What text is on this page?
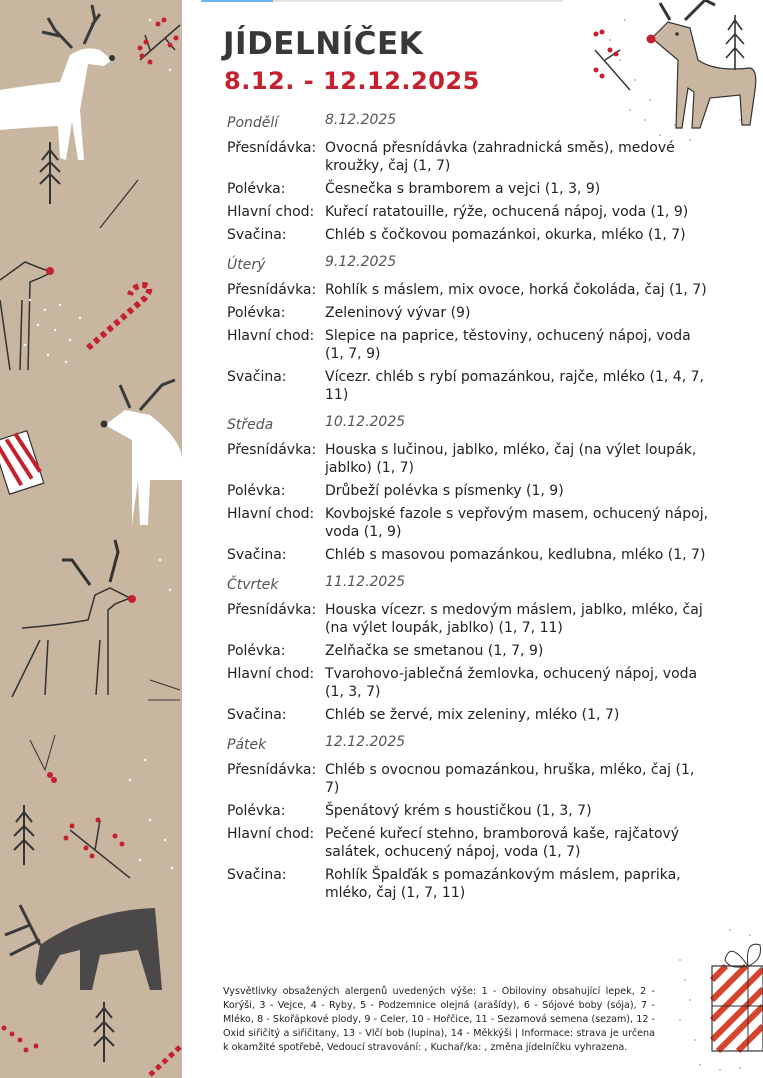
JÍDELNÍČEK

8.12. - 12.12.2025

Pondělí	8.12.2025
Přesnídávka: Ovocná přesnídávka (zahradnická směs), medové kroužky, čaj (1, 7)
Polévka:	Česnečka s bramborem a vejci (1, 3, 9)
Hlavní chod: Kuřecí ratatouille, rýže, ochucená nápoj, voda (1, 9)
Svačina:	Chléb s čočkovou pomazánkoi, okurka, mléko (1, 7)
Úterý	9.12.2025
Přesnídávka: Rohlík s máslem, mix ovoce, horká čokoláda, čaj (1, 7)
Polévka:	Zeleninový vývar (9)
Hlavní chod: Slepice na paprice, těstoviny, ochucený nápoj, voda (1, 7, 9)
Svačina:	Vícezr. chléb s rybí pomazánkou, rajče, mléko (1, 4, 7, 11)
Středa	10.12.2025
Přesnídávka: Houska s lučinou, jablko, mléko, čaj (na výlet loupák, jablko) (1, 7)
Polévka:	Drůbeží polévka s písmenky (1, 9)
Hlavní chod: Kovbojské fazole s vepřovým masem, ochucený nápoj, voda (1, 9)
Svačina:	Chléb s masovou pomazánkou, kedlubna, mléko (1, 7)
Čtvrtek	11.12.2025
Přesnídávka: Houska vícezr. s medovým máslem, jablko, mléko, čaj (na výlet loupák, jablko) (1, 7, 11)
Polévka:	Zelňačka se smetanou (1, 7, 9)
Hlavní chod: Tvarohovo-jablečná žemlovka, ochucený nápoj, voda (1, 3, 7)
Svačina:	Chléb se žervé, mix zeleniny, mléko (1, 7)
Pátek	12.12.2025
Přesnídávka: Chléb s ovocnou pomazánkou, hruška, mléko, čaj (1, 7)
Polévka:	Špenátový krém s houstičkou (1, 3, 7)
Hlavní chod: Pečené kuřecí stehno, bramborová kaše, rajčatový salátek, ochucený nápoj, voda (1, 7)
Svačina:	Rohlík Špalďák s pomazánkovým máslem, paprika, mléko, čaj (1, 7, 11)
Vysvětlivky obsažených alergenů uvedených výše: 1 - Obiloviny obsahující lepek, 2 - Korýši, 3 - Vejce, 4 - Ryby, 5 - Podzemnice olejná (arašídy), 6 - Sójové boby (sója), 7 - Mléko, 8 - Skořápkové plody, 9 - Celer, 10 - Hořčice, 11 - Sezamová semena (sezam), 12 - Oxid siřičitý a siřičitany, 13 - Vlčí bob (lupina), 14 - Měkkýši | Informace: strava je určena k okamžité spotřebě, Vedoucí stravování: , Kuchař/ka: , změna jídelníčku vyhrazena.
